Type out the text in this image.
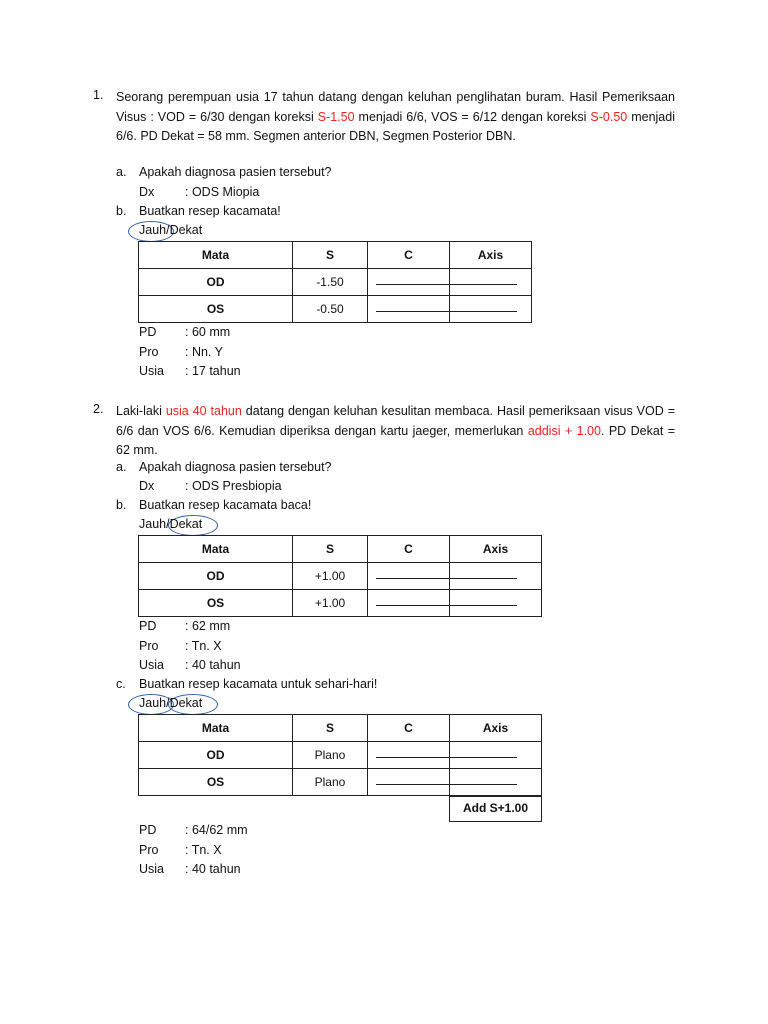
1. Seorang perempuan usia 17 tahun datang dengan keluhan penglihatan buram. Hasil Pemeriksaan Visus : VOD = 6/30 dengan koreksi S-1.50 menjadi 6/6, VOS = 6/12 dengan koreksi S-0.50 menjadi 6/6. PD Dekat = 58 mm. Segmen anterior DBN, Segmen Posterior DBN.
a. Apakah diagnosa pasien tersebut?
Dx : ODS Miopia
b. Buatkan resep kacamata!
Jauh/Dekat
Mata	S	C	Axis
OD	-1.50	

OS	-0.50	

PD : 60 mm
Pro : Nn. Y
Usia : 17 tahun
2. Laki-laki usia 40 tahun datang dengan keluhan kesulitan membaca. Hasil pemeriksaan visus VOD = 6/6 dan VOS 6/6. Kemudian diperiksa dengan kartu jaeger, memerlukan addisi + 1.00. PD Dekat = 62 mm.
a. Apakah diagnosa pasien tersebut?
Dx : ODS Presbiopia
b. Buatkan resep kacamata baca!
Jauh/Dekat
Mata	S	C	Axis
OD	+1.00	

OS	+1.00	

PD : 62 mm
Pro : Tn. X
Usia : 40 tahun
c. Buatkan resep kacamata untuk sehari-hari!
Jauh/Dekat
Mata	S	C	Axis
OD	Plano	

OS	Plano	

Add S+1.00
PD : 64/62 mm
Pro : Tn. X
Usia : 40 tahun
